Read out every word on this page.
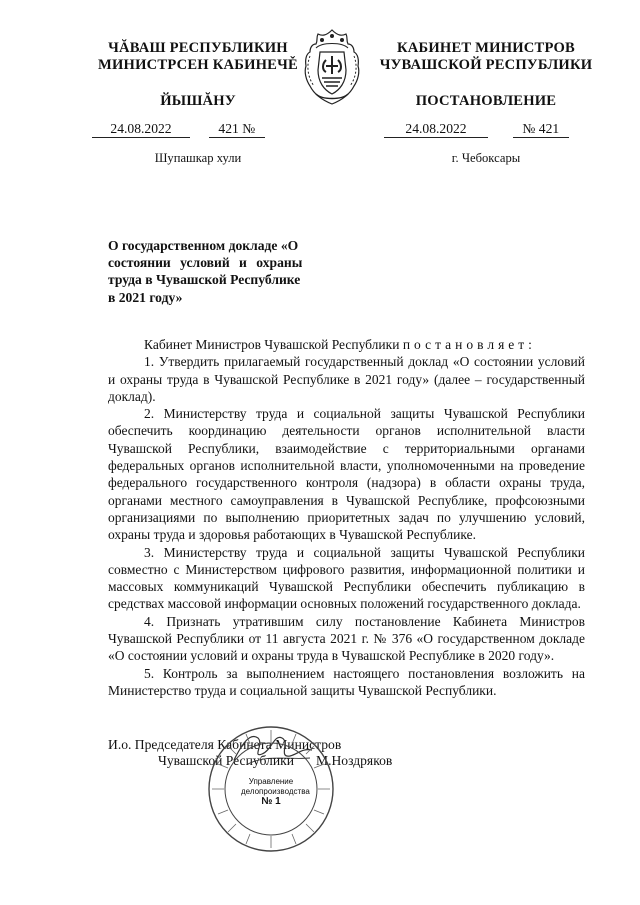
ЧĂВАШ РЕСПУБЛИКИН
МИНИСТРСЕН КАБИНЕЧĚ
ЙЫШĂНУ
КАБИНЕТ МИНИСТРОВ
ЧУВАШСКОЙ РЕСПУБЛИКИ
ПОСТАНОВЛЕНИЕ
24.08.2022	421 №	24.08.2022	№ 421
Шупашкар хули	г. Чебоксары
О государственном докладе «О
состоянии условий и охраны
труда в Чувашской Республике
в 2021 году»

Кабинет Министров Чувашской Республики постановляет:

1. Утвердить прилагаемый государственный доклад «О состоянии условий и охраны труда в Чувашской Республике в 2021 году» (далее – государственный доклад).

2. Министерству труда и социальной защиты Чувашской Республики обеспечить координацию деятельности органов исполнительной власти Чувашской Республики, взаимодействие с территориальными органами федеральных органов исполнительной власти, уполномоченными на проведение федерального государственного контроля (надзора) в области охраны труда, органами местного самоуправления в Чувашской Республике, профсоюзными организациями по выполнению приоритетных задач по улучшению условий, охраны труда и здоровья работающих в Чувашской Республике.

3. Министерству труда и социальной защиты Чувашской Республики совместно с Министерством цифрового развития, информационной политики и массовых коммуникаций Чувашской Республики обеспечить публикацию в средствах массовой информации основных положений государственного доклада.

4. Признать утратившим силу постановление Кабинета Министров Чувашской Республики от 11 августа 2021 г. № 376 «О государственном докладе «О состоянии условий и охраны труда в Чувашской Республике в 2020 году».

5. Контроль за выполнением настоящего постановления возложить на Министерство труда и социальной защиты Чувашской Республики.

И.о. Председателя Кабинета Министров
Чувашской Республики	М.Ноздряков
Управление
делопроизводства
№ 1
